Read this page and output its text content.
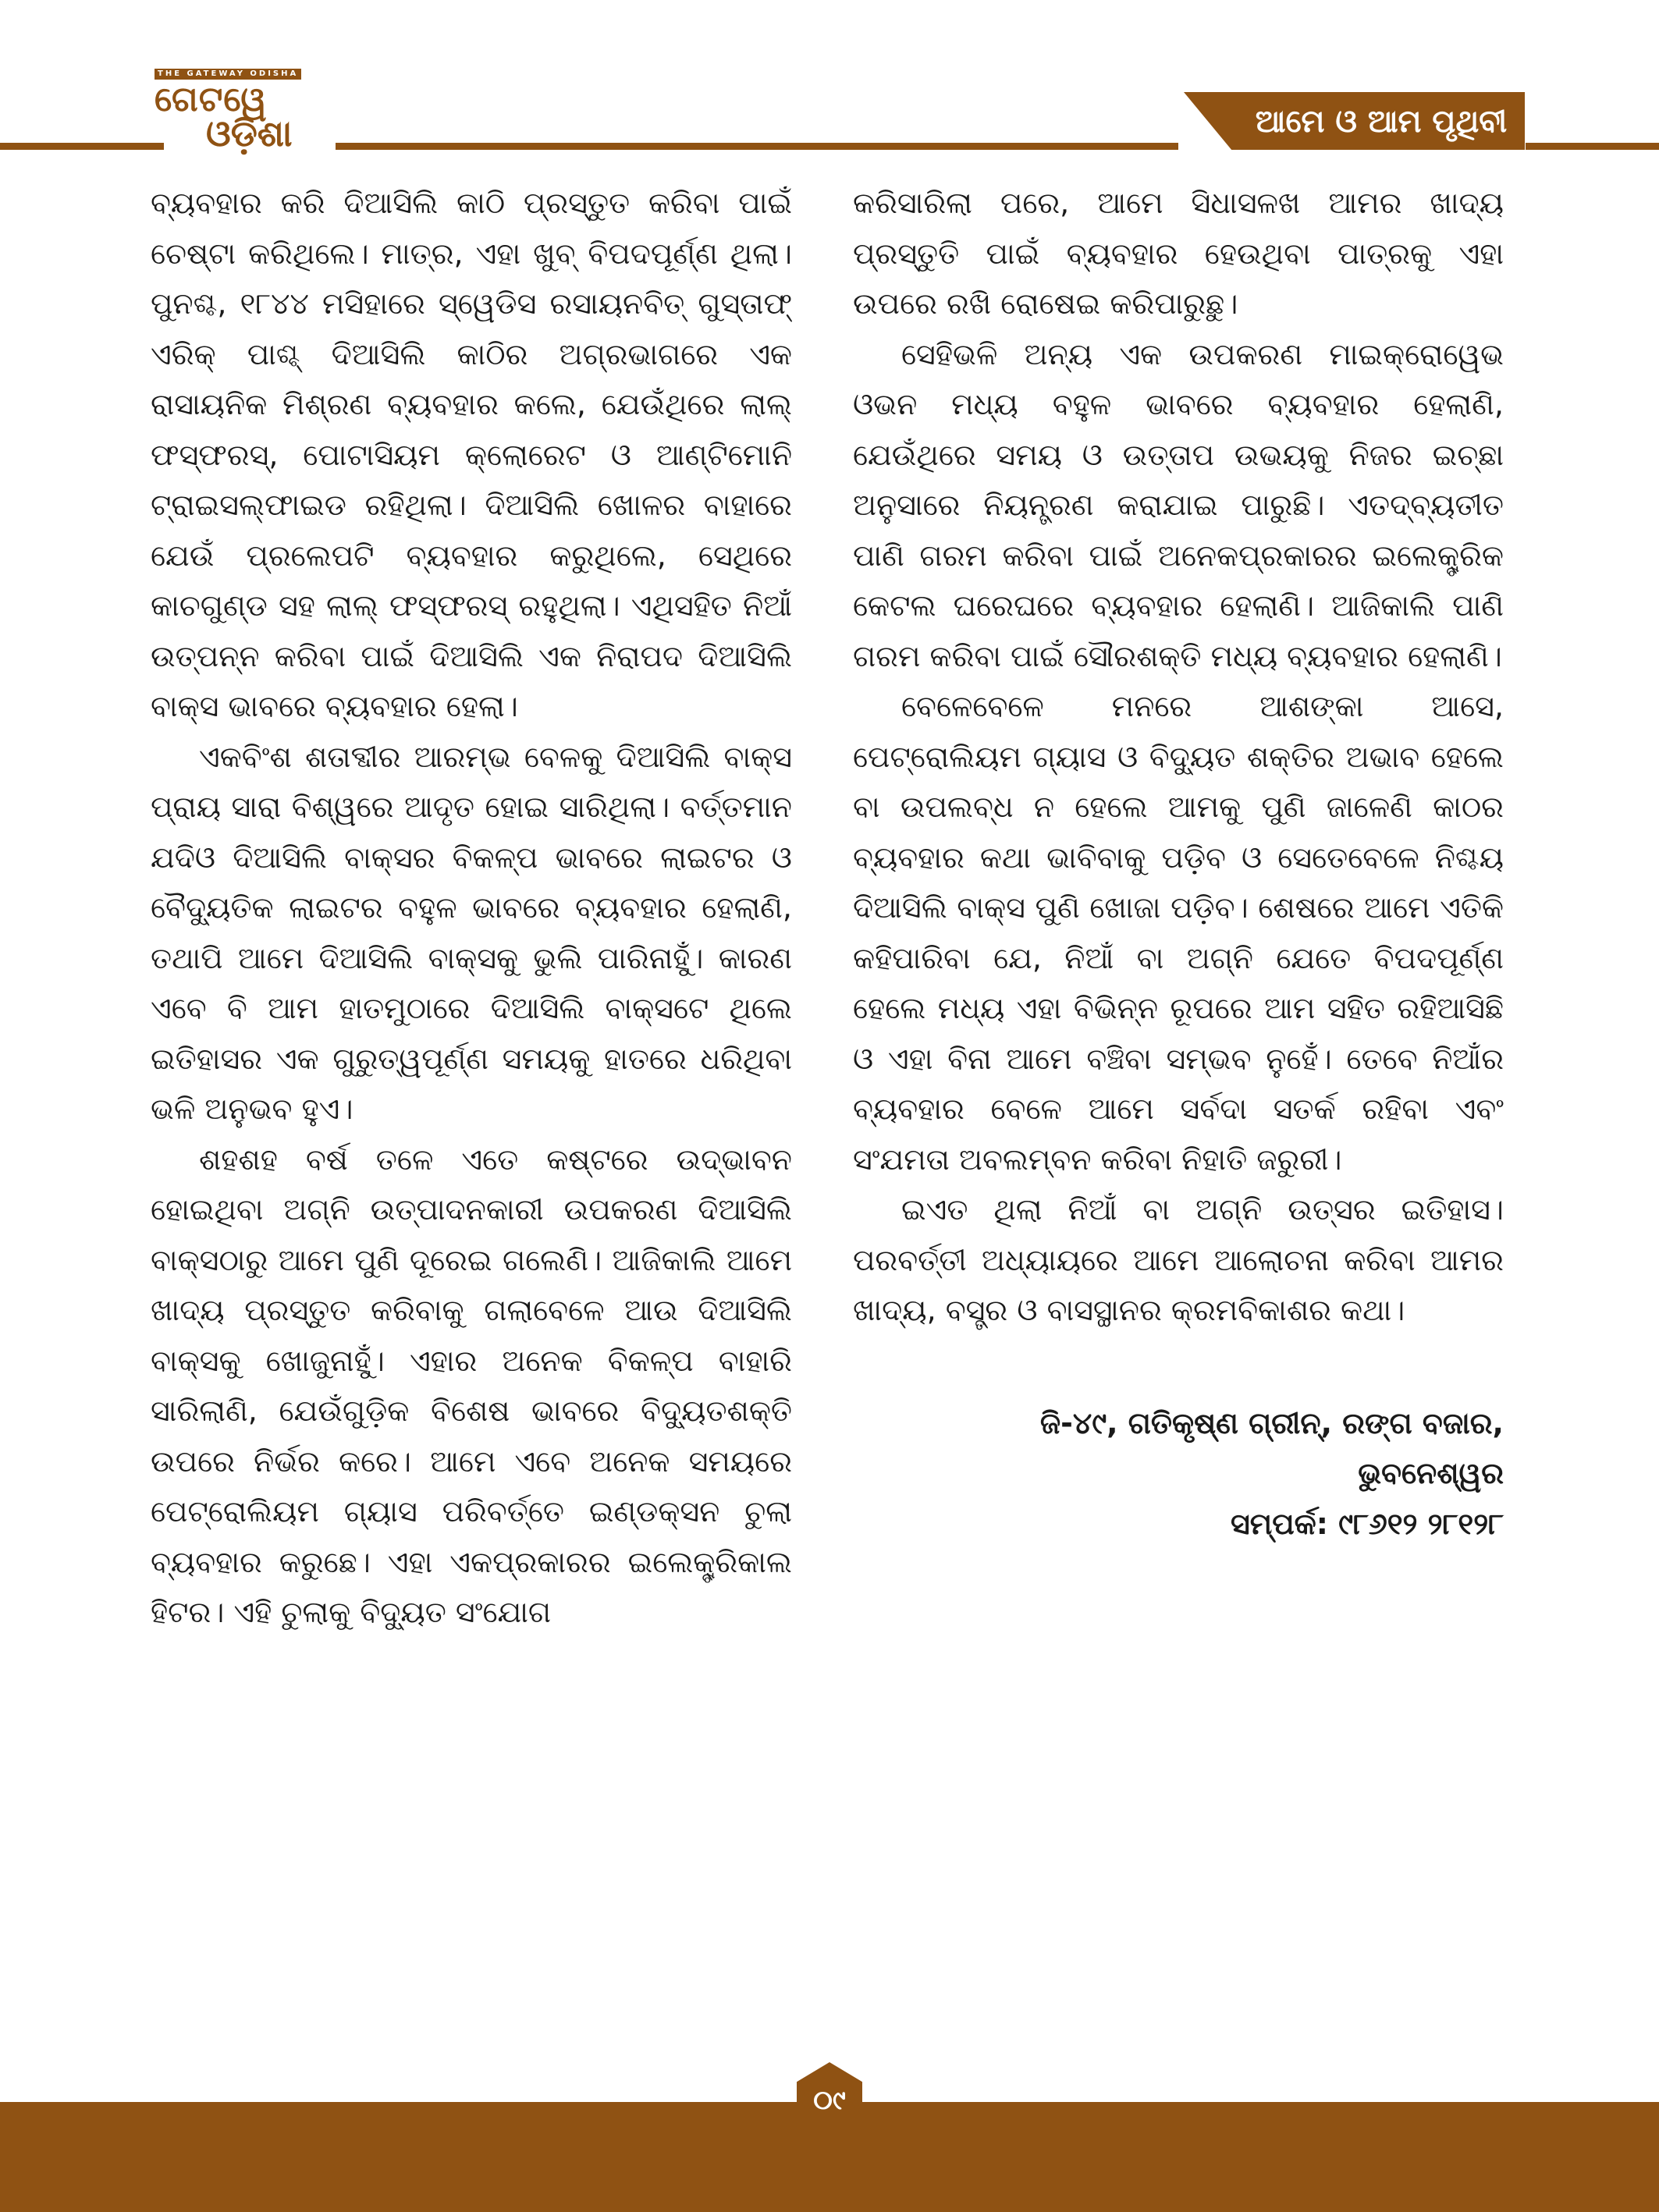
THE GATEWAY ODISHA
ଗେଟୱେ
ଓଡ଼ିଶା	ଆମେ ଓ ଆମ ପୃଥିବୀ

ବ୍ୟବହାର କରି ଦିଆସିଲି କାଠି ପ୍ରସ୍ତୁତ କରିବା ପାଇଁ ଚେଷ୍ଟା କରିଥିଲେ। ମାତ୍ର, ଏହା ଖୁବ୍ ବିପଦପୂର୍ଣ୍ଣ ଥିଲା। ପୁନଶ୍ଚ, ୧୮୪୪ ମସିହାରେ ସ୍ୱେଡିସ ରସାୟନବିତ୍ ଗୁସ୍ତାଫ୍ ଏରିକ୍ ପାଶ୍ଚ୍ ଦିଆସିଲି କାଠିର ଅଗ୍ରଭାଗରେ ଏକ ରାସାୟନିକ ମିଶ୍ରଣ ବ୍ୟବହାର କଲେ, ଯେଉଁଥିରେ ଲାଲ୍ ଫସ୍ଫରସ୍, ପୋଟାସିୟମ କ୍ଲୋରେଟ ଓ ଆଣ୍ଟିମୋନି ଟ୍ରାଇସଲ୍ଫାଇଡ ରହିଥିଲା। ଦିଆସିଲି ଖୋଳର ବାହାରେ ଯେଉଁ ପ୍ରଲେପଟି ବ୍ୟବହାର କରୁଥିଲେ, ସେଥିରେ କାଚଗୁଣ୍ଡ ସହ ଲାଲ୍ ଫସ୍ଫରସ୍ ରହୁଥିଲା। ଏଥିସହିତ ନିଆଁ ଉତ୍ପନ୍ନ କରିବା ପାଇଁ ଦିଆସିଲି ଏକ ନିରାପଦ ଦିଆସିଲି ବାକ୍ସ ଭାବରେ ବ୍ୟବହାର ହେଲା।

ଏକବିଂଶ ଶତାବ୍ଦୀର ଆରମ୍ଭ ବେଳକୁ ଦିଆସିଲି ବାକ୍ସ ପ୍ରାୟ ସାରା ବିଶ୍ୱରେ ଆଦୃତ ହୋଇ ସାରିଥିଲା। ବର୍ତ୍ତମାନ ଯଦିଓ ଦିଆସିଲି ବାକ୍ସର ବିକଳ୍ପ ଭାବରେ ଲାଇଟର ଓ ବୈଦ୍ୟୁତିକ ଲାଇଟର ବହୁଳ ଭାବରେ ବ୍ୟବହାର ହେଲାଣି, ତଥାପି ଆମେ ଦିଆସିଲି ବାକ୍ସକୁ ଭୁଲି ପାରିନାହୁଁ। କାରଣ ଏବେ ବି ଆମ ହାତମୁଠାରେ ଦିଆସିଲି ବାକ୍ସଟେ ଥିଲେ ଇତିହାସର ଏକ ଗୁରୁତ୍ୱପୂର୍ଣ୍ଣ ସମୟକୁ ହାତରେ ଧରିଥିବା ଭଳି ଅନୁଭବ ହୁଏ।

ଶହଶହ ବର୍ଷ ତଳେ ଏତେ କଷ୍ଟରେ ଉଦ୍ଭାବନ ହୋଇଥିବା ଅଗ୍ନି ଉତ୍ପାଦନକାରୀ ଉପକରଣ ଦିଆସିଲି ବାକ୍ସଠାରୁ ଆମେ ପୁଣି ଦୂରେଇ ଗଲେଣି। ଆଜିକାଲି ଆମେ ଖାଦ୍ୟ ପ୍ରସ୍ତୁତ କରିବାକୁ ଗଲାବେଳେ ଆଉ ଦିଆସିଲି ବାକ୍ସକୁ ଖୋଜୁନାହୁଁ। ଏହାର ଅନେକ ବିକଳ୍ପ ବାହାରି ସାରିଲାଣି, ଯେଉଁଗୁଡ଼ିକ ବିଶେଷ ଭାବରେ ବିଦ୍ୟୁତଶକ୍ତି ଉପରେ ନିର୍ଭର କରେ। ଆମେ ଏବେ ଅନେକ ସମୟରେ ପେଟ୍ରୋଲିୟମ ଗ୍ୟାସ ପରିବର୍ତ୍ତେ ଇଣ୍ଡକ୍ସନ ଚୁଲା ବ୍ୟବହାର କରୁଛେ। ଏହା ଏକପ୍ରକାରର ଇଲେକ୍ଟ୍ରିକାଲ ହିଟର। ଏହି ଚୁଲାକୁ ବିଦ୍ୟୁତ ସଂଯୋଗ

କରିସାରିଲା ପରେ, ଆମେ ସିଧାସଳଖ ଆମର ଖାଦ୍ୟ ପ୍ରସ୍ତୁତି ପାଇଁ ବ୍ୟବହାର ହେଉଥିବା ପାତ୍ରକୁ ଏହା ଉପରେ ରଖି ରୋଷେଇ କରିପାରୁଛୁ।

ସେହିଭଳି ଅନ୍ୟ ଏକ ଉପକରଣ ମାଇକ୍ରୋୱେଭ ଓଭନ ମଧ୍ୟ ବହୁଳ ଭାବରେ ବ୍ୟବହାର ହେଲାଣି, ଯେଉଁଥିରେ ସମୟ ଓ ଉତ୍ତାପ ଉଭୟକୁ ନିଜର ଇଚ୍ଛା ଅନୁସାରେ ନିୟନ୍ତ୍ରଣ କରାଯାଇ ପାରୁଛି। ଏତଦ୍ବ୍ୟତୀତ ପାଣି ଗରମ କରିବା ପାଇଁ ଅନେକପ୍ରକାରର ଇଲେକ୍ଟ୍ରିକ କେଟଲ ଘରେଘରେ ବ୍ୟବହାର ହେଲାଣି। ଆଜିକାଲି ପାଣି ଗରମ କରିବା ପାଇଁ ସୌରଶକ୍ତି ମଧ୍ୟ ବ୍ୟବହାର ହେଲାଣି।

ବେଳେବେଳେ ମନରେ ଆଶଙ୍କା ଆସେ, ପେଟ୍ରୋଲିୟମ ଗ୍ୟାସ ଓ ବିଦ୍ୟୁତ ଶକ୍ତିର ଅଭାବ ହେଲେ ବା ଉପଲବ୍ଧ ନ ହେଲେ ଆମକୁ ପୁଣି ଜାଳେଣି କାଠର ବ୍ୟବହାର କଥା ଭାବିବାକୁ ପଡ଼ିବ ଓ ସେତେବେଳେ ନିଶ୍ଚୟ ଦିଆସିଲି ବାକ୍ସ ପୁଣି ଖୋଜା ପଡ଼ିବ। ଶେଷରେ ଆମେ ଏତିକି କହିପାରିବା ଯେ, ନିଆଁ ବା ଅଗ୍ନି ଯେତେ ବିପଦପୂର୍ଣ୍ଣ ହେଲେ ମଧ୍ୟ ଏହା ବିଭିନ୍ନ ରୂପରେ ଆମ ସହିତ ରହିଆସିଛି ଓ ଏହା ବିନା ଆମେ ବଞ୍ଚିବା ସମ୍ଭବ ନୁହେଁ। ତେବେ ନିଆଁର ବ୍ୟବହାର ବେଳେ ଆମେ ସର୍ବଦା ସତର୍କ ରହିବା ଏବଂ ସଂଯମତା ଅବଲମ୍ବନ କରିବା ନିହାତି ଜରୁରୀ।

ଇଏତ ଥିଲା ନିଆଁ ବା ଅଗ୍ନି ଉତ୍ସର ଇତିହାସ। ପରବର୍ତ୍ତୀ ଅଧ୍ୟାୟରେ ଆମେ ଆଲୋଚନା କରିବା ଆମର ଖାଦ୍ୟ, ବସ୍ତ୍ର ଓ ବାସସ୍ଥାନର କ୍ରମବିକାଶର କଥା।

ଜି-୪୯, ଗତିକୃଷ୍ଣ ଗ୍ରୀନ୍, ରଙ୍ଗ ବଜାର,
ଭୁବନେଶ୍ୱର
ସମ୍ପର୍କ: ୯୮୬୧୨ ୨୮୧୨୮
୦୯
